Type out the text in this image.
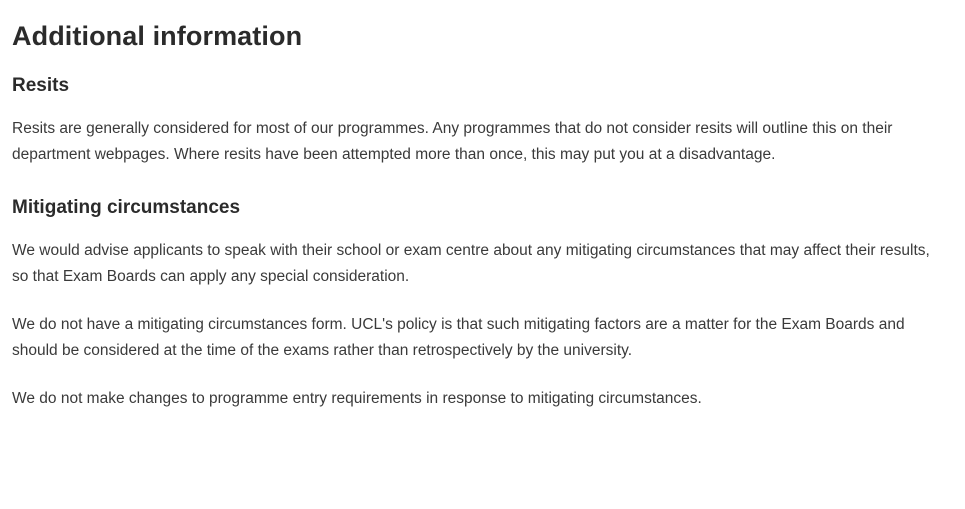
Additional information
Resits

Resits are generally considered for most of our programmes. Any programmes that do not consider resits will outline this on their department webpages. Where resits have been attempted more than once, this may put you at a disadvantage.

Mitigating circumstances

We would advise applicants to speak with their school or exam centre about any mitigating circumstances that may affect their results, so that Exam Boards can apply any special consideration.

We do not have a mitigating circumstances form. UCL's policy is that such mitigating factors are a matter for the Exam Boards and should be considered at the time of the exams rather than retrospectively by the university.

We do not make changes to programme entry requirements in response to mitigating circumstances.
